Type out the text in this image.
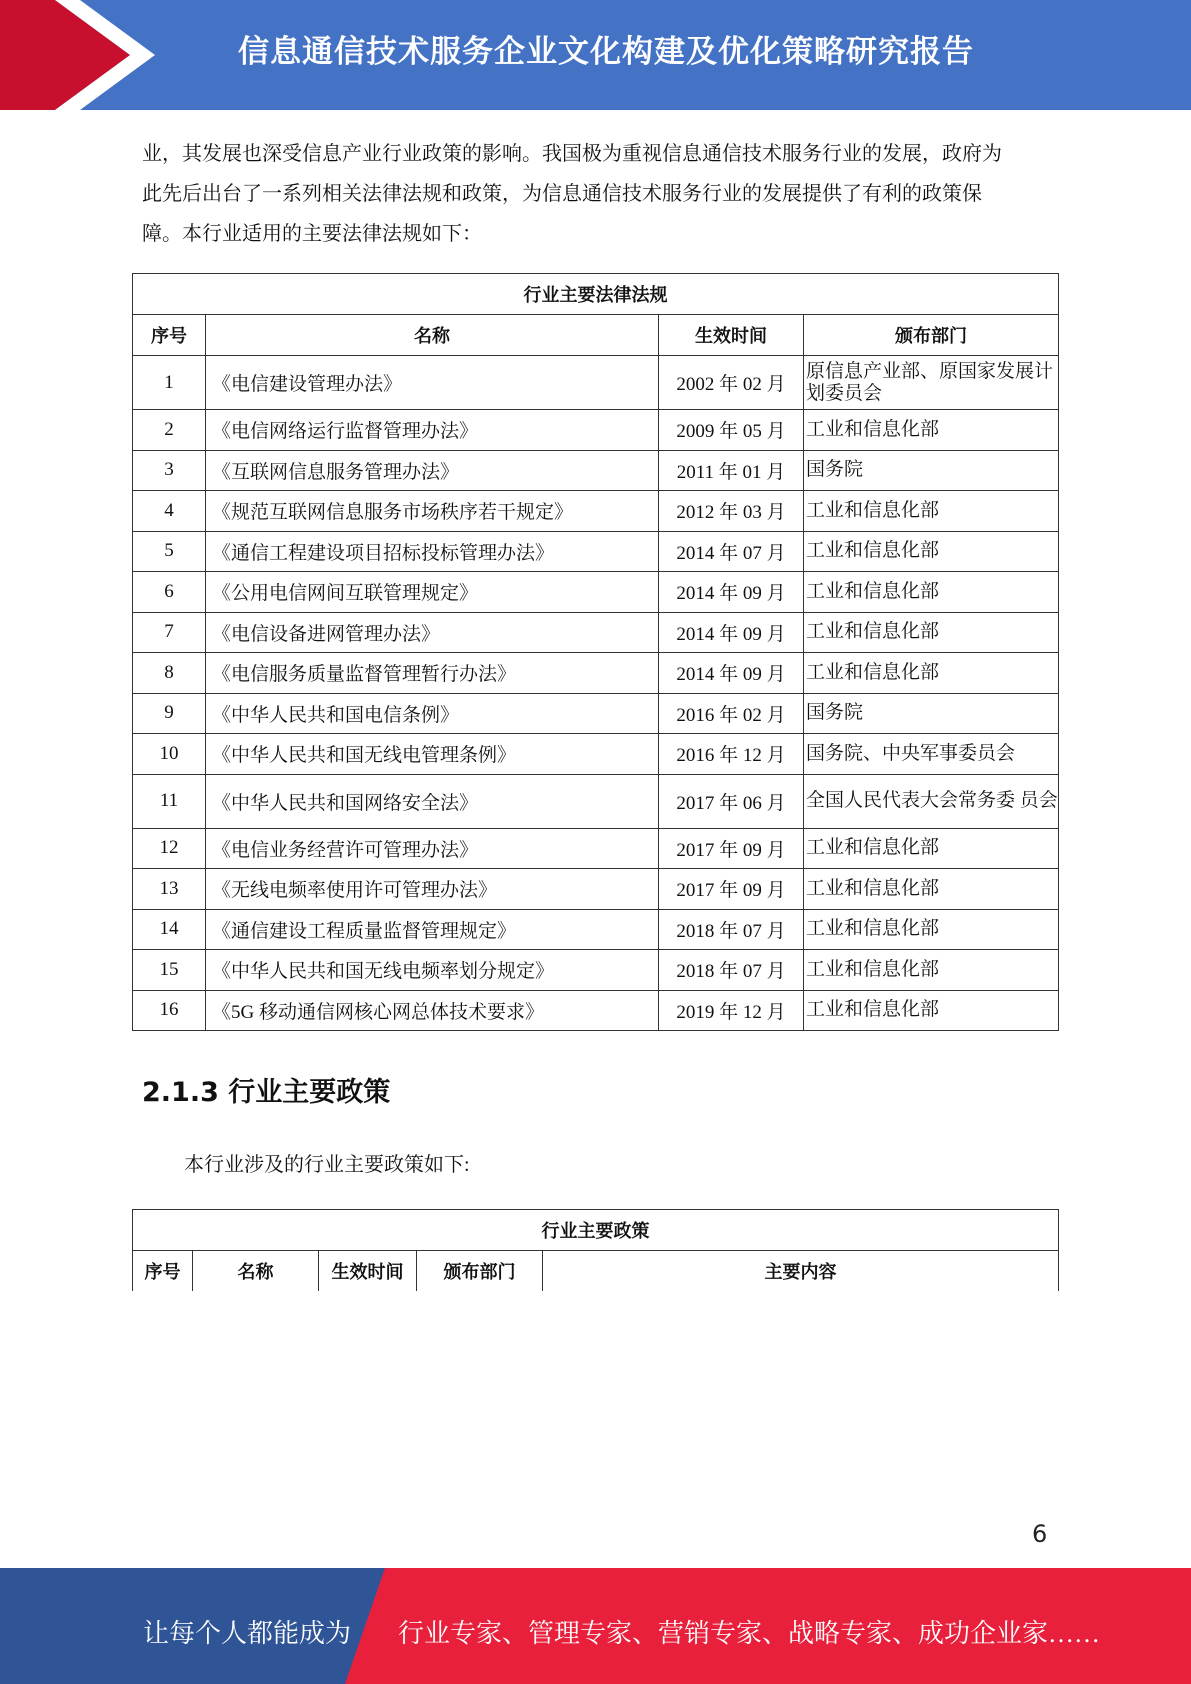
信息通信技术服务企业文化构建及优化策略研究报告

业，其发展也深受信息产业行业政策的影响。我国极为重视信息通信技术服务行业的发展，政府为

此先后出台了一系列相关法律法规和政策，为信息通信技术服务行业的发展提供了有利的政策保

障。本行业适用的主要法律法规如下：

行业主要法律法规			
序号	名称	生效时间	颁布部门
1	《电信建设管理办法》	2002 年 02 月	原信息产业部、原国家发展计划委员会
2	《电信网络运行监督管理办法》	2009 年 05 月	工业和信息化部
3	《互联网信息服务管理办法》	2011 年 01 月	国务院
4	《规范互联网信息服务市场秩序若干规定》	2012 年 03 月	工业和信息化部
5	《通信工程建设项目招标投标管理办法》	2014 年 07 月	工业和信息化部
6	《公用电信网间互联管理规定》	2014 年 09 月	工业和信息化部
7	《电信设备进网管理办法》	2014 年 09 月	工业和信息化部
8	《电信服务质量监督管理暂行办法》	2014 年 09 月	工业和信息化部
9	《中华人民共和国电信条例》	2016 年 02 月	国务院
10	《中华人民共和国无线电管理条例》	2016 年 12 月	国务院、中央军事委员会
11	《中华人民共和国网络安全法》	2017 年 06 月	全国人民代表大会常务委 员会
12	《电信业务经营许可管理办法》	2017 年 09 月	工业和信息化部
13	《无线电频率使用许可管理办法》	2017 年 09 月	工业和信息化部
14	《通信建设工程质量监督管理规定》	2018 年 07 月	工业和信息化部
15	《中华人民共和国无线电频率划分规定》	2018 年 07 月	工业和信息化部
16	《5G 移动通信网核心网总体技术要求》	2019 年 12 月	工业和信息化部
2.1.3 行业主要政策
本行业涉及的行业主要政策如下:
行业主要政策
序号	名称	生效时间	颁布部门	主要内容
6
让每个人都能成为 行业专家、管理专家、营销专家、战略专家、成功企业家……
